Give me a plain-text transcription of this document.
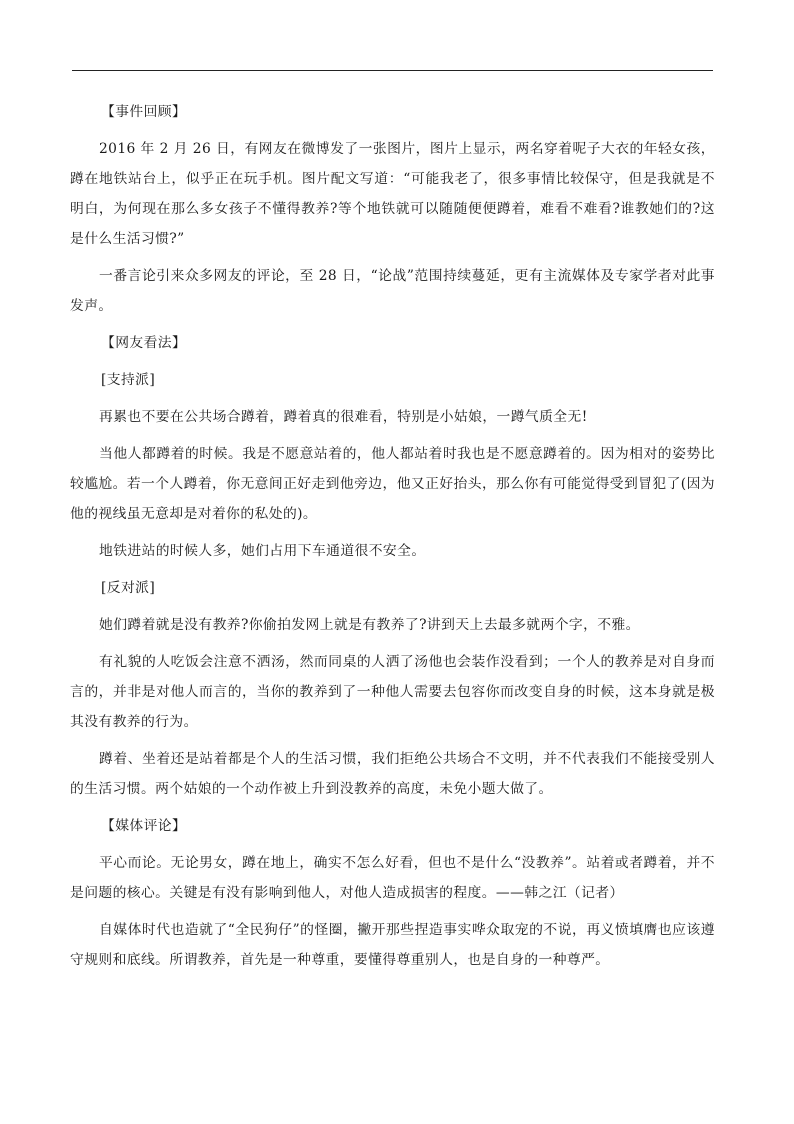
【事件回顾】
2016 年 2 月 26 日，有网友在微博发了一张图片，图片上显示，两名穿着呢子大衣的年轻女孩，蹲在地铁站台上，似乎正在玩手机。图片配文写道：“可能我老了，很多事情比较保守，但是我就是不明白，为何现在那么多女孩子不懂得教养?等个地铁就可以随随便便蹲着，难看不难看?谁教她们的?这是什么生活习惯?”
一番言论引来众多网友的评论，至 28 日，“论战”范围持续蔓延，更有主流媒体及专家学者对此事发声。
【网友看法】
[支持派]
再累也不要在公共场合蹲着，蹲着真的很难看，特别是小姑娘，一蹲气质全无!
当他人都蹲着的时候。我是不愿意站着的，他人都站着时我也是不愿意蹲着的。因为相对的姿势比较尴尬。若一个人蹲着，你无意间正好走到他旁边，他又正好抬头，那么你有可能觉得受到冒犯了(因为他的视线虽无意却是对着你的私处的)。
地铁进站的时候人多，她们占用下车通道很不安全。
[反对派]
她们蹲着就是没有教养?你偷拍发网上就是有教养了?讲到天上去最多就两个字，不雅。
有礼貌的人吃饭会注意不洒汤，然而同桌的人洒了汤他也会装作没看到；一个人的教养是对自身而言的，并非是对他人而言的，当你的教养到了一种他人需要去包容你而改变自身的时候，这本身就是极其没有教养的行为。
蹲着、坐着还是站着都是个人的生活习惯，我们拒绝公共场合不文明，并不代表我们不能接受别人的生活习惯。两个姑娘的一个动作被上升到没教养的高度，未免小题大做了。
【媒体评论】
平心而论。无论男女，蹲在地上，确实不怎么好看，但也不是什么“没教养”。站着或者蹲着，并不是问题的核心。关键是有没有影响到他人，对他人造成损害的程度。——韩之江（记者）
自媒体时代也造就了“全民狗仔”的怪圈，撇开那些捏造事实哗众取宠的不说，再义愤填膺也应该遵守规则和底线。所谓教养，首先是一种尊重，要懂得尊重别人，也是自身的一种尊严。
